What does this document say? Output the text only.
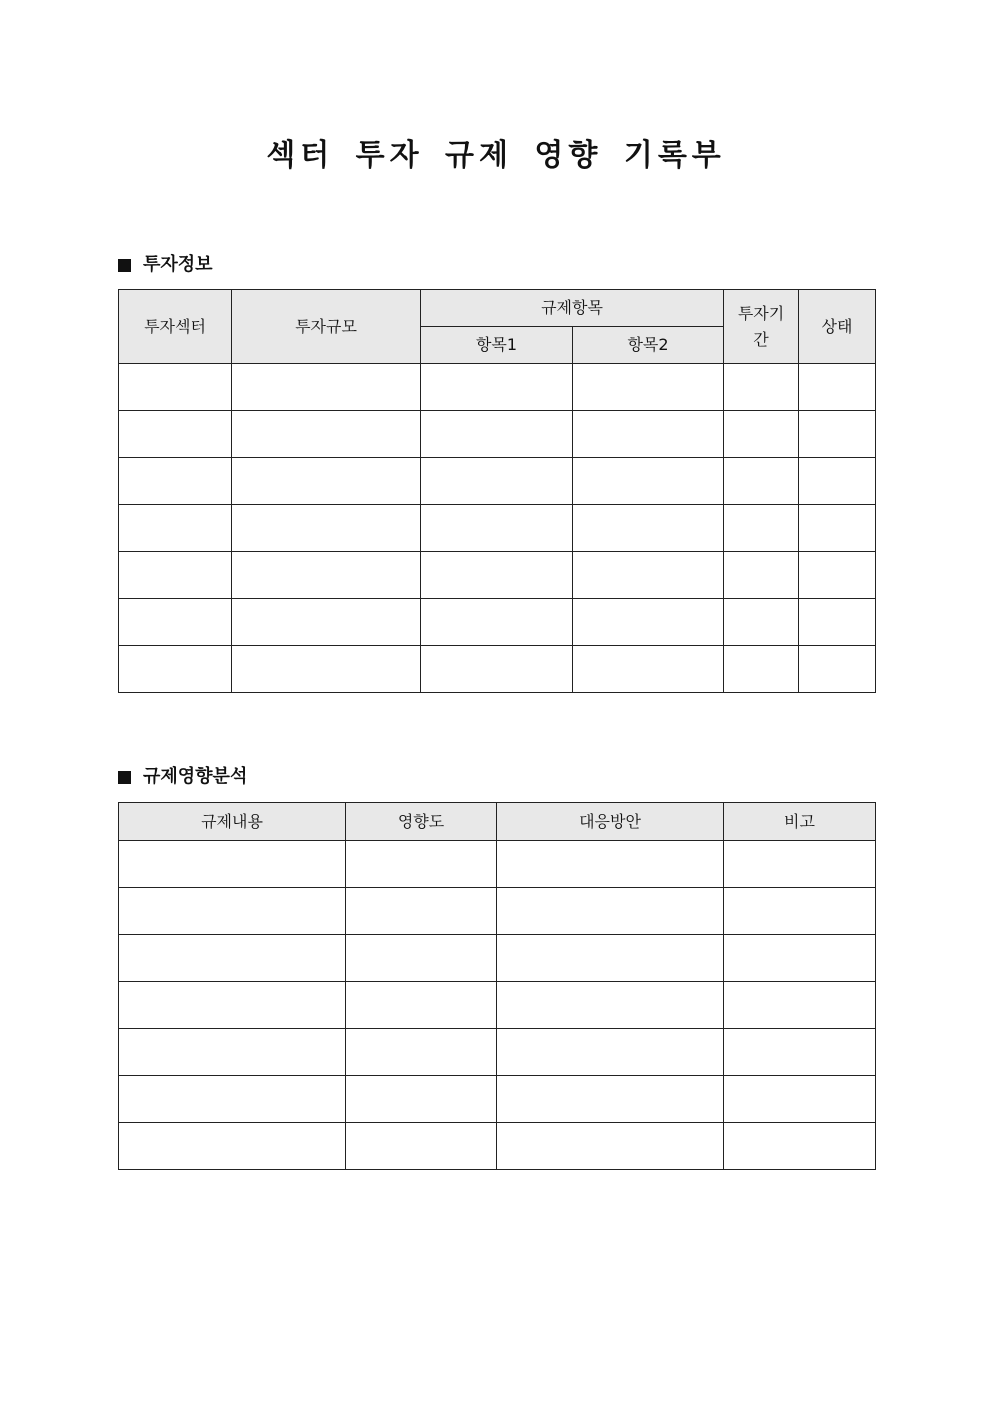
섹터 투자 규제 영향 기록부
투자정보
투자섹터	투자규모	규제항목		투자기간	상태
		항목1	항목2		

규제영향분석
규제내용	영향도	대응방안	비고
